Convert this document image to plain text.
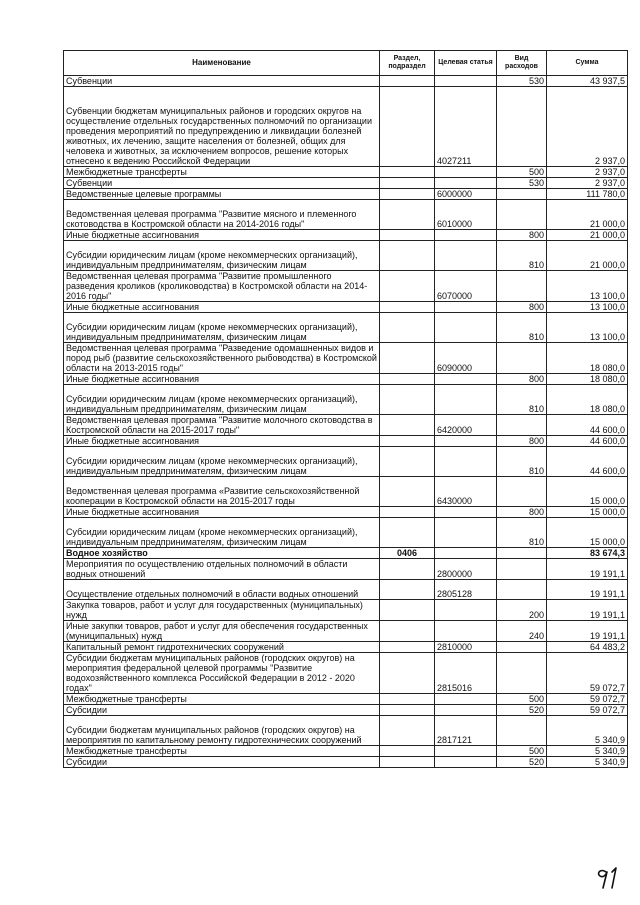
Наименование	Раздел, подраздел	Целевая статья	Вид расходов	Сумма
Субвенции			530	43 937,5
Субвенции бюджетам муниципальных районов и городских округов на осуществление отдельных государственных полномочий по организации проведения мероприятий по предупреждению и ликвидации болезней животных, их лечению, защите населения от болезней, общих для человека и животных, за исключением вопросов, решение которых отнесено к ведению Российской Федерации		4027211		2 937,0
Межбюджетные трансферты			500	2 937,0
Субвенции			530	2 937,0
Ведомственные целевые программы		6000000		111 780,0
Ведомственная целевая программа "Развитие мясного и племенного скотоводства в Костромской области на 2014-2016 годы"		6010000		21 000,0
Иные бюджетные ассигнования			800	21 000,0
Субсидии юридическим лицам (кроме некоммерческих организаций), индивидуальным предпринимателям, физическим лицам			810	21 000,0
Ведомственная целевая программа "Развитие промышленного разведения кроликов (кролиководства) в Костромской области на 2014-2016 годы"		6070000		13 100,0
Иные бюджетные ассигнования			800	13 100,0
Субсидии юридическим лицам (кроме некоммерческих организаций), индивидуальным предпринимателям, физическим лицам			810	13 100,0
Ведомственная целевая программа "Разведение одомашненных видов и пород рыб (развитие сельскохозяйственного рыбоводства) в Костромской области на 2013-2015 годы"		6090000		18 080,0
Иные бюджетные ассигнования			800	18 080,0
Субсидии юридическим лицам (кроме некоммерческих организаций), индивидуальным предпринимателям, физическим лицам			810	18 080,0
Ведомственная целевая программа "Развитие молочного скотоводства в Костромской области на 2015-2017 годы"		6420000		44 600,0
Иные бюджетные ассигнования			800	44 600,0
Субсидии юридическим лицам (кроме некоммерческих организаций), индивидуальным предпринимателям, физическим лицам			810	44 600,0
Ведомственная целевая программа «Развитие сельскохозяйственной кооперации в Костромской области на 2015-2017 годы		6430000		15 000,0
Иные бюджетные ассигнования			800	15 000,0
Субсидии юридическим лицам (кроме некоммерческих организаций), индивидуальным предпринимателям, физическим лицам			810	15 000,0
Водное хозяйство	0406			83 674,3
Мероприятия по осуществлению отдельных полномочий в области водных отношений		2800000		19 191,1
Осуществление отдельных полномочий в области водных отношений		2805128		19 191,1
Закупка товаров, работ и услуг для государственных (муниципальных) нужд			200	19 191,1
Иные закупки товаров, работ и услуг для обеспечения государственных (муниципальных) нужд			240	19 191,1
Капитальный ремонт гидротехнических сооружений		2810000		64 483,2
Субсидии бюджетам муниципальных районов (городских округов) на мероприятия федеральной целевой программы "Развитие водохозяйственного комплекса Российской Федерации в 2012 - 2020 годах"		2815016		59 072,7
Межбюджетные трансферты			500	59 072,7
Субсидии			520	59 072,7
Субсидии бюджетам муниципальных районов (городских округов) на мероприятия по капитальному ремонту гидротехнических сооружений		2817121		5 340,9
Межбюджетные трансферты			500	5 340,9
Субсидии			520	5 340,9
